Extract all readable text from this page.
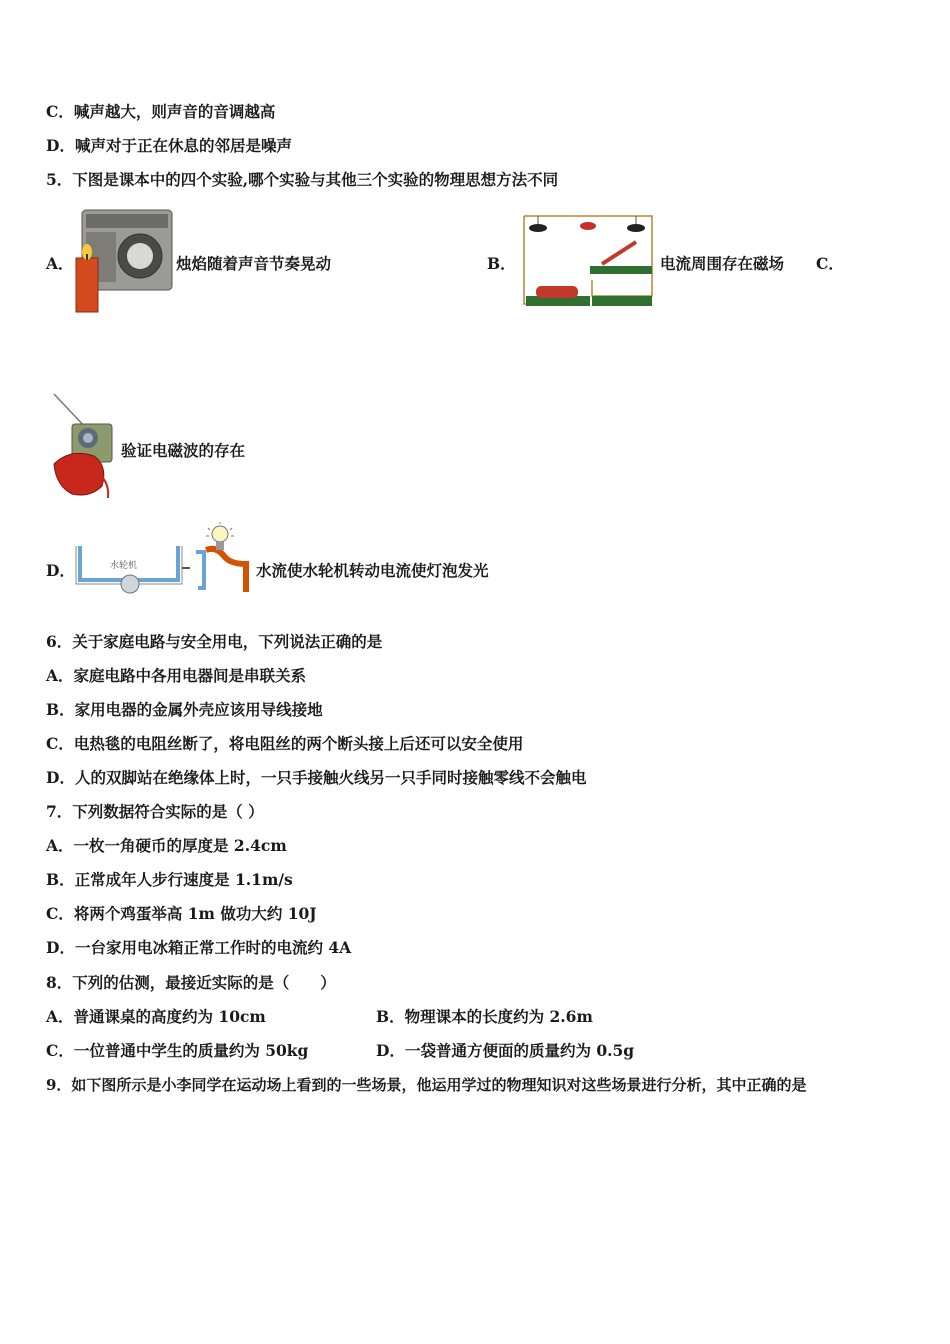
C．喊声越大，则声音的音调越高
D．喊声对于正在休息的邻居是噪声
5．下图是课本中的四个实验,哪个实验与其他三个实验的物理思想方法不同
A．	烛焰随着声音节奏晃动	B．	电流周围存在磁场 C．
验证电磁波的存在
D．	水轮机	水流使水轮机转动电流使灯泡发光
6．关于家庭电路与安全用电，下列说法正确的是
A．家庭电路中各用电器间是串联关系
B．家用电器的金属外壳应该用导线接地
C．电热毯的电阻丝断了，将电阻丝的两个断头接上后还可以安全使用
D．人的双脚站在绝缘体上时，一只手接触火线另一只手同时接触零线不会触电
7．下列数据符合实际的是（ ）
A．一枚一角硬币的厚度是 2.4cm
B．正常成年人步行速度是 1.1m/s
C．将两个鸡蛋举高 1m 做功大约 10J
D．一台家用电冰箱正常工作时的电流约 4A
8．下列的估测，最接近实际的是（　　）
A．普通课桌的高度约为 10cm	B．物理课本的长度约为 2.6m
C．一位普通中学生的质量约为 50kg	D．一袋普通方便面的质量约为 0.5g
9．如下图所示是小李同学在运动场上看到的一些场景，他运用学过的物理知识对这些场景进行分析，其中正确的是
